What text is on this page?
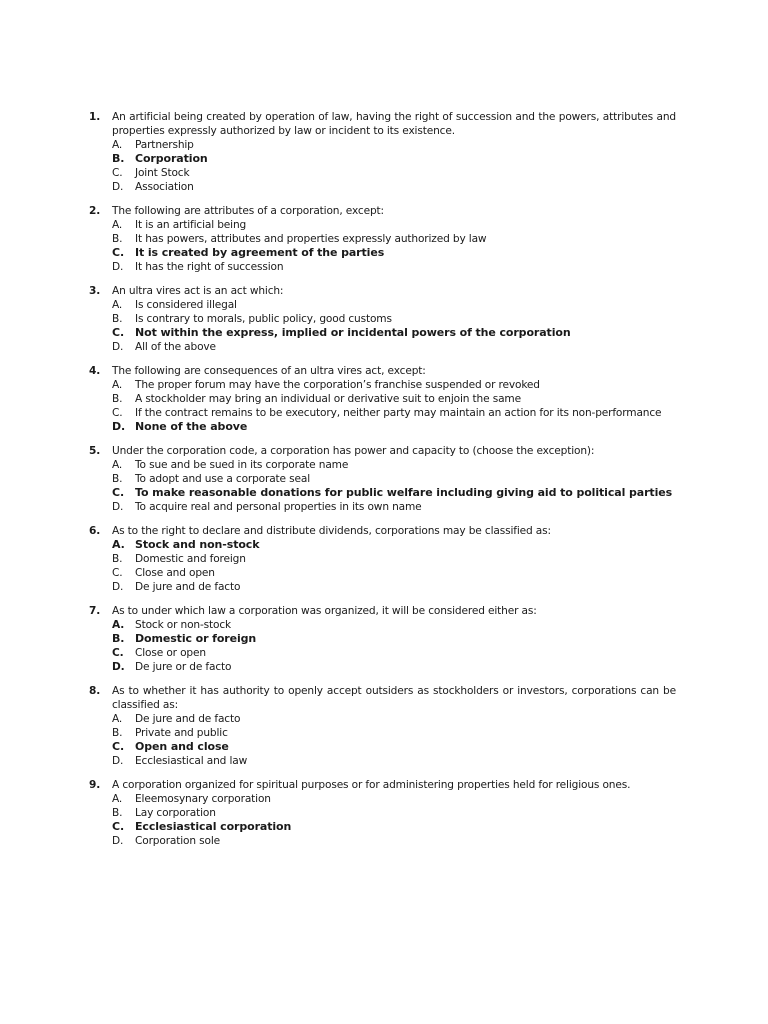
1. An artificial being created by operation of law, having the right of succession and the powers, attributes and properties expressly authorized by law or incident to its existence.
A. Partnership
B. Corporation
C. Joint Stock
D. Association
2. The following are attributes of a corporation, except:
A. It is an artificial being
B. It has powers, attributes and properties expressly authorized by law
C. It is created by agreement of the parties
D. It has the right of succession
3. An ultra vires act is an act which:
A. Is considered illegal
B. Is contrary to morals, public policy, good customs
C. Not within the express, implied or incidental powers of the corporation
D. All of the above
4. The following are consequences of an ultra vires act, except:
A. The proper forum may have the corporation’s franchise suspended or revoked
B. A stockholder may bring an individual or derivative suit to enjoin the same
C. If the contract remains to be executory, neither party may maintain an action for its non-performance
D. None of the above
5. Under the corporation code, a corporation has power and capacity to (choose the exception):
A. To sue and be sued in its corporate name
B. To adopt and use a corporate seal
C. To make reasonable donations for public welfare including giving aid to political parties
D. To acquire real and personal properties in its own name
6. As to the right to declare and distribute dividends, corporations may be classified as:
A. Stock and non-stock
B. Domestic and foreign
C. Close and open
D. De jure and de facto
7. As to under which law a corporation was organized, it will be considered either as:
A. Stock or non-stock
B. Domestic or foreign
C. Close or open
D. De jure or de facto
8. As to whether it has authority to openly accept outsiders as stockholders or investors, corporations can be classified as:
A. De jure and de facto
B. Private and public
C. Open and close
D. Ecclesiastical and law
9. A corporation organized for spiritual purposes or for administering properties held for religious ones.
A. Eleemosynary corporation
B. Lay corporation
C. Ecclesiastical corporation
D. Corporation sole
